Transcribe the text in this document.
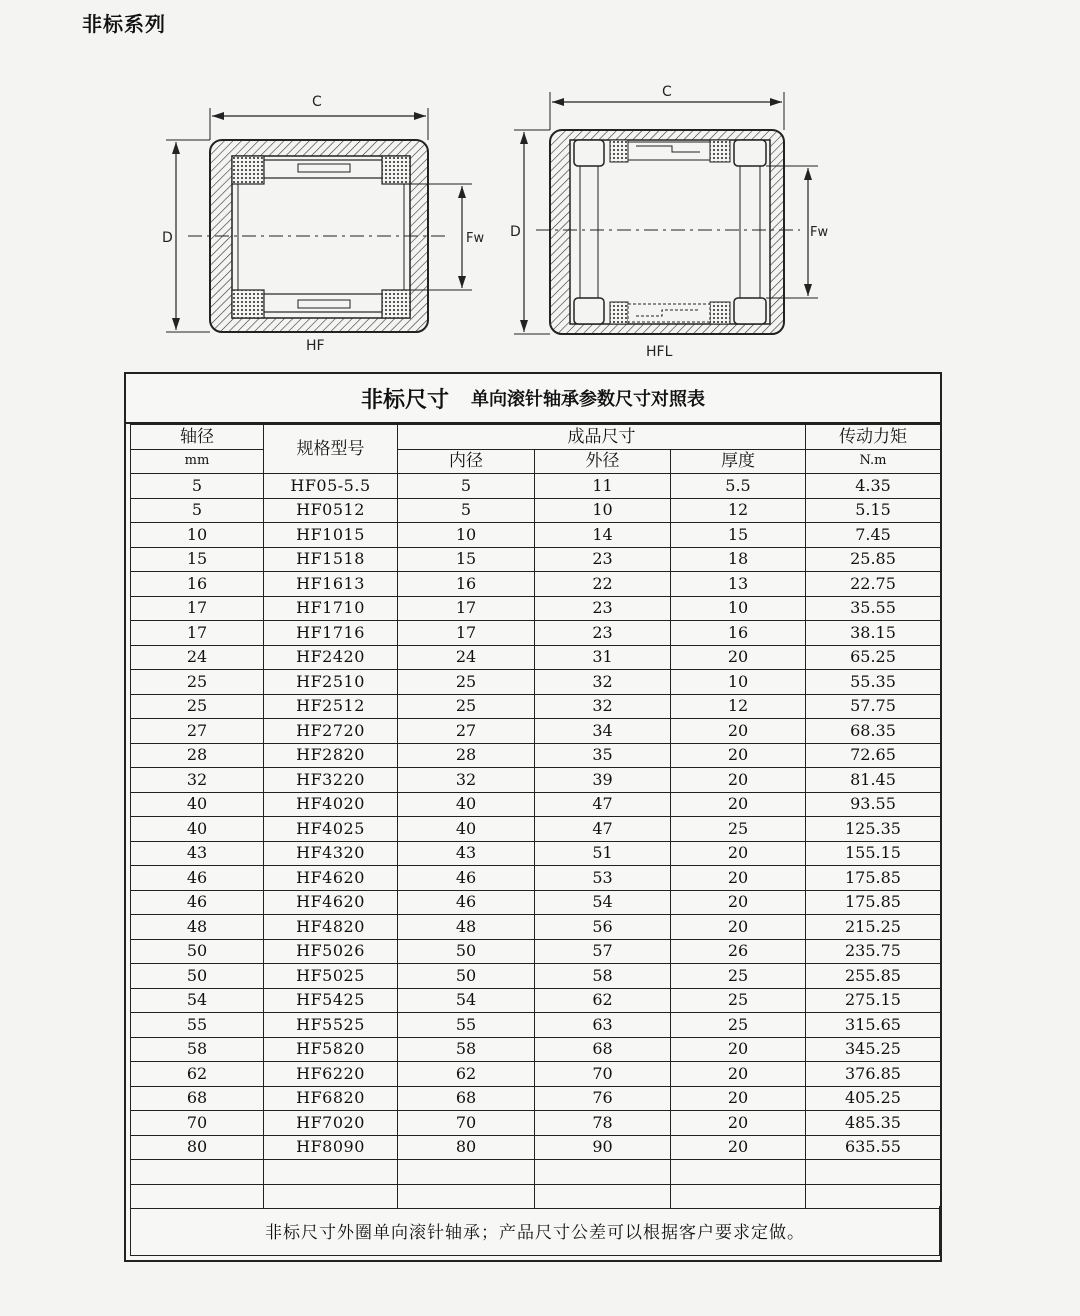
非标系列
C
D	Fw
HF
C
D	Fw
HFL
非标尺寸 单向滚针轴承参数尺寸对照表
轴径	规格型号	成品尺寸			传动力矩
mm		内径	外径	厚度	N.m
5	HF05-5.5	5	11	5.5	4.35
5	HF0512	5	10	12	5.15
10	HF1015	10	14	15	7.45
15	HF1518	15	23	18	25.85
16	HF1613	16	22	13	22.75
17	HF1710	17	23	10	35.55
17	HF1716	17	23	16	38.15
24	HF2420	24	31	20	65.25
25	HF2510	25	32	10	55.35
25	HF2512	25	32	12	57.75
27	HF2720	27	34	20	68.35
28	HF2820	28	35	20	72.65
32	HF3220	32	39	20	81.45
40	HF4020	40	47	20	93.55
40	HF4025	40	47	25	125.35
43	HF4320	43	51	20	155.15
46	HF4620	46	53	20	175.85
46	HF4620	46	54	20	175.85
48	HF4820	48	56	20	215.25
50	HF5026	50	57	26	235.75
50	HF5025	50	58	25	255.85
54	HF5425	54	62	25	275.15
55	HF5525	55	63	25	315.65
58	HF5820	58	68	20	345.25
62	HF6220	62	70	20	376.85
68	HF6820	68	76	20	405.25
70	HF7020	70	78	20	485.35
80	HF8090	80	90	20	635.55

非标尺寸外圈单向滚针轴承；产品尺寸公差可以根据客户要求定做。
